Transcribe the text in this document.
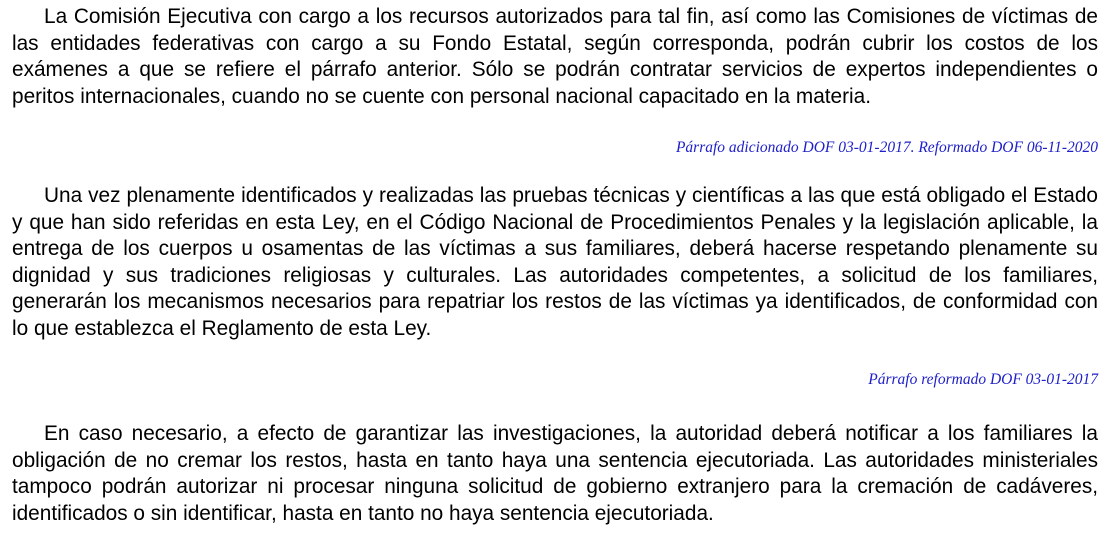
La Comisión Ejecutiva con cargo a los recursos autorizados para tal fin, así como las Comisiones de víctimas de las entidades federativas con cargo a su Fondo Estatal, según corresponda, podrán cubrir los costos de los exámenes a que se refiere el párrafo anterior. Sólo se podrán contratar servicios de expertos independientes o peritos internacionales, cuando no se cuente con personal nacional capacitado en la materia.

Párrafo adicionado DOF 03-01-2017. Reformado DOF 06-11-2020

Una vez plenamente identificados y realizadas las pruebas técnicas y científicas a las que está obligado el Estado y que han sido referidas en esta Ley, en el Código Nacional de Procedimientos Penales y la legislación aplicable, la entrega de los cuerpos u osamentas de las víctimas a sus familiares, deberá hacerse respetando plenamente su dignidad y sus tradiciones religiosas y culturales. Las autoridades competentes, a solicitud de los familiares, generarán los mecanismos necesarios para repatriar los restos de las víctimas ya identificados, de conformidad con lo que establezca el Reglamento de esta Ley.

Párrafo reformado DOF 03-01-2017

En caso necesario, a efecto de garantizar las investigaciones, la autoridad deberá notificar a los familiares la obligación de no cremar los restos, hasta en tanto haya una sentencia ejecutoriada. Las autoridades ministeriales tampoco podrán autorizar ni procesar ninguna solicitud de gobierno extranjero para la cremación de cadáveres, identificados o sin identificar, hasta en tanto no haya sentencia ejecutoriada.
